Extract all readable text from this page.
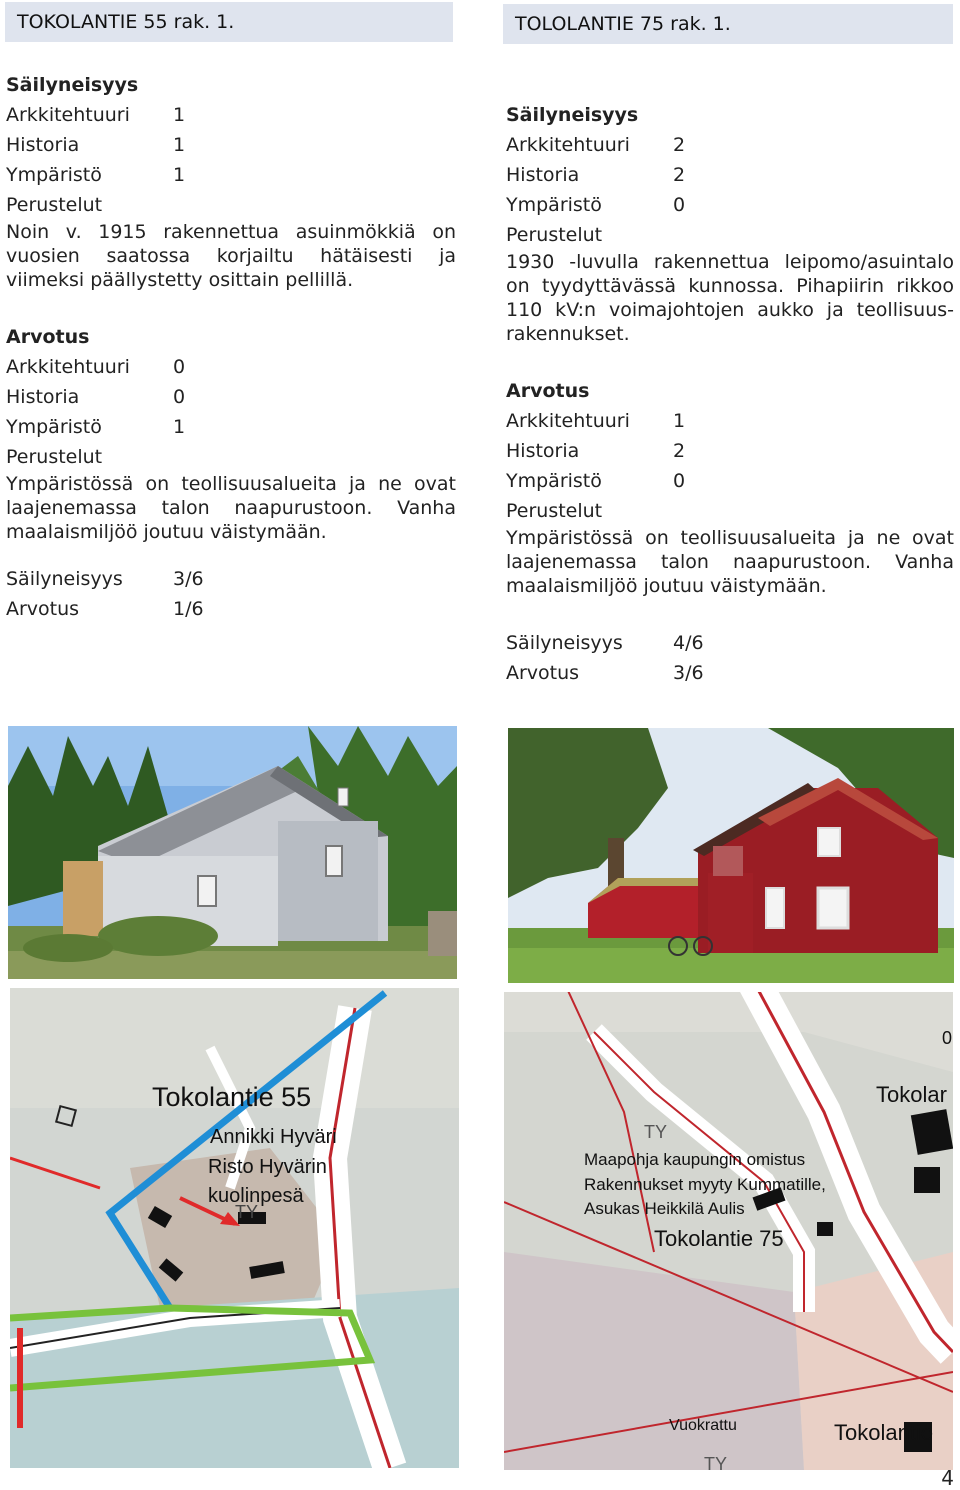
TOKOLANTIE 55 rak. 1.	TOLOLANTIE 75 rak. 1.
Säilyneisyys
Arkkitehtuuri	1
Historia	1
Ympäristö	1
Perustelut
Noin v. 1915 rakennettua asuinmökkiä on vuosien saatossa korjailtu hätäisesti ja viimeksi päällystetty osittain pellillä.
Arvotus
Arkkitehtuuri	0
Historia	0
Ympäristö	1
Perustelut
Ympäristössä on teollisuusalueita ja ne ovat laajenemassa talon naapurustoon. Vanha maalaismiljöö joutuu väistymään.
Säilyneisyys	3/6
Arvotus	1/6
Säilyneisyys
Arkkitehtuuri	2
Historia	2
Ympäristö	0
Perustelut
1930 -luvulla rakennettua leipomo/asuintalo on tyydyttävässä kunnossa. Pihapiirin rikkoo 110 kV:n voimajohtojen aukko ja teollisuus-rakennukset.
Arvotus
Arkkitehtuuri	1
Historia	2
Ympäristö	0
Perustelut
Ympäristössä on teollisuusalueita ja ne ovat laajenemassa talon naapurustoon. Vanha maalaismiljöö joutuu väistymään.
Säilyneisyys	4/6
Arvotus	3/6
Tokolantie 55
Annikki Hyväri
Risto Hyvärin
kuolinpesä
TY
Tokolar
Maapohja kaupungin omistus
Rakennukset myyty Kummatille,
Asukas Heikkilä Aulis
Tokolantie 75
TY
TY
Vuokrattu	Tokolantie
0
4
